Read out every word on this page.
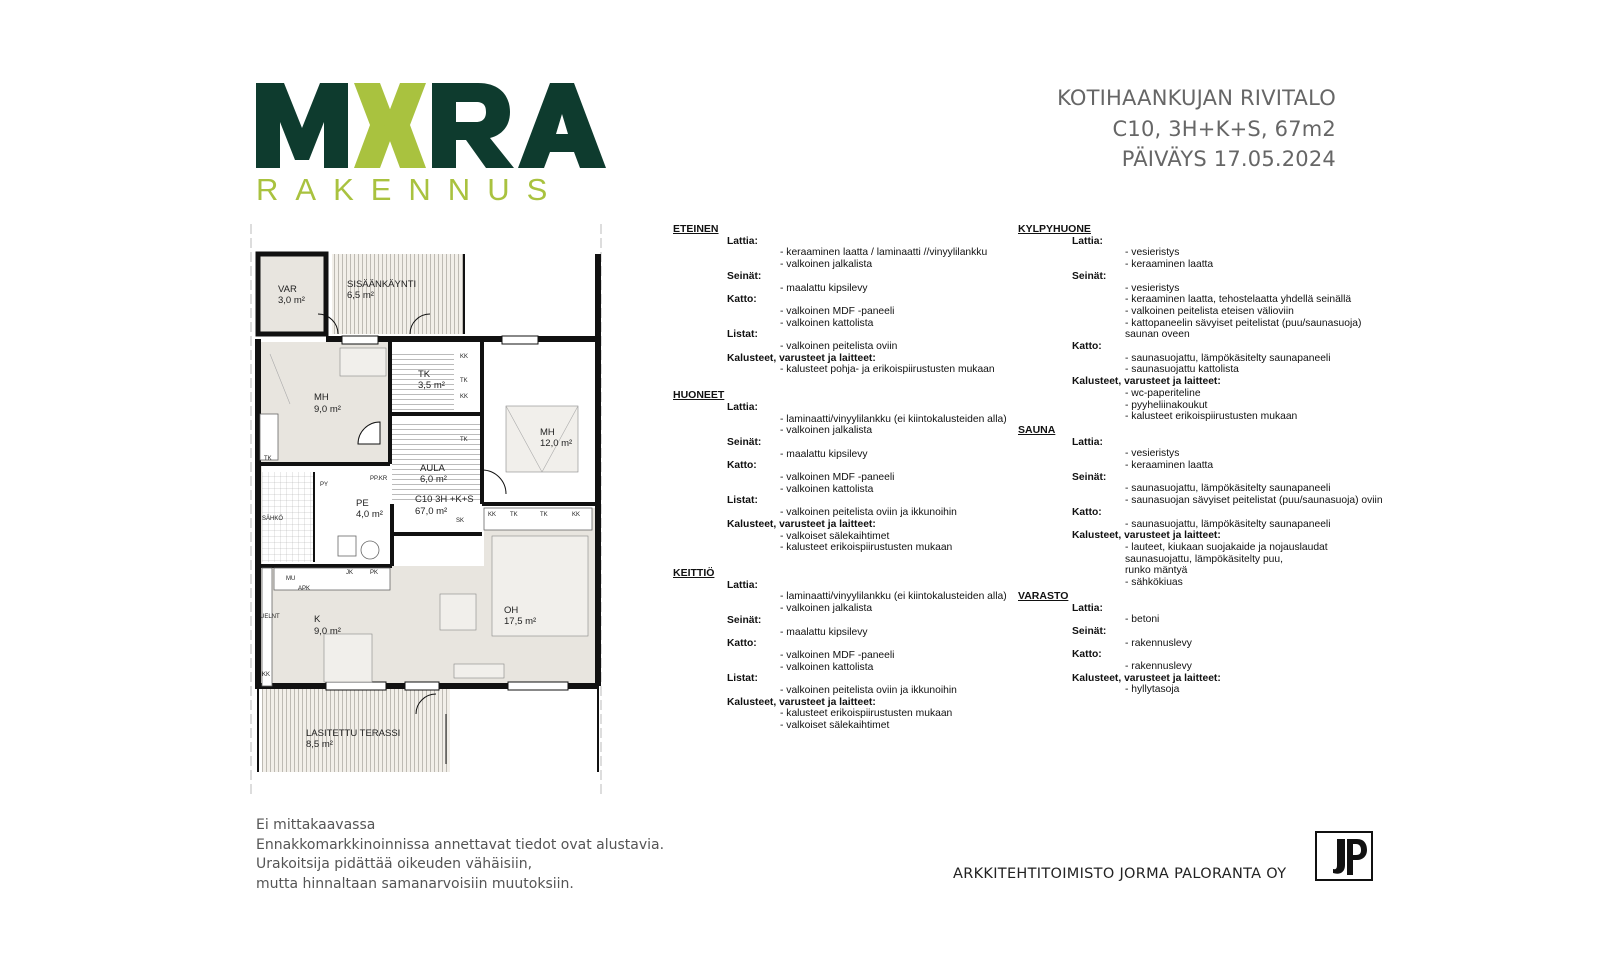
RAKENNUS
KOTIHAANKUJAN RIVITALO
C10, 3H+K+S, 67m2
PÄIVÄYS 17.05.2024
VAR
3,0 m²
SISÄÄNKÄYNTI
6,5 m²
MH
9,0 m²
TK
3,5 m²
MH
12,0 m²
AULA
6,0 m²
C10 3H +K+S
67,0 m²
PE
4,0 m²
K
9,0 m²
OH
17,5 m²
LASITETTU TERASSI
8,5 m²
KK
KK
TK
TK
SK
KK TK	TK	KK
TK
MU
APK
JK	PK
UELNT
KK
PY
PP.KR
SÄHKÖ
ETEINEN
Lattia:
- keraaminen laatta / laminaatti //vinyylilankku
- valkoinen jalkalista
Seinät:
- maalattu kipsilevy
Katto:
- valkoinen MDF -paneeli
- valkoinen kattolista
Listat:
- valkoinen peitelista oviin
Kalusteet, varusteet ja laitteet:
- kalusteet pohja- ja erikoispiirustusten mukaan
HUONEET
Lattia:
- laminaatti/vinyylilankku (ei kiintokalusteiden alla)
- valkoinen jalkalista
Seinät:
- maalattu kipsilevy
Katto:
- valkoinen MDF -paneeli
- valkoinen kattolista
Listat:
- valkoinen peitelista oviin ja ikkunoihin
Kalusteet, varusteet ja laitteet:
- valkoiset sälekaihtimet
- kalusteet erikoispiirustusten mukaan
KEITTIÖ
Lattia:
- laminaatti/vinyylilankku (ei kiintokalusteiden alla)
- valkoinen jalkalista
Seinät:
- maalattu kipsilevy
Katto:
- valkoinen MDF -paneeli
- valkoinen kattolista
Listat:
- valkoinen peitelista oviin ja ikkunoihin
Kalusteet, varusteet ja laitteet:
- kalusteet erikoispiirustusten mukaan
- valkoiset sälekaihtimet
KYLPYHUONE
Lattia:
- vesieristys
- keraaminen laatta
Seinät:
- vesieristys
- keraaminen laatta, tehostelaatta yhdellä seinällä
- valkoinen peitelista eteisen välioviin
- kattopaneelin sävyiset peitelistat (puu/saunasuoja)
saunan oveen
Katto:
- saunasuojattu, lämpökäsitelty saunapaneeli
- saunasuojattu kattolista
Kalusteet, varusteet ja laitteet:
- wc-paperiteline
- pyyheliinakoukut
- kalusteet erikoispiirustusten mukaan
SAUNA
Lattia:
- vesieristys
- keraaminen laatta
Seinät:
- saunasuojattu, lämpökäsitelty saunapaneeli
- saunasuojan sävyiset peitelistat (puu/saunasuoja) oviin
Katto:
- saunasuojattu, lämpökäsitelty saunapaneeli
Kalusteet, varusteet ja laitteet:
- lauteet, kiukaan suojakaide ja nojauslaudat
saunasuojattu, lämpökäsitelty puu,
runko mäntyä
- sähkökiuas
VARASTO
Lattia:
- betoni
Seinät:
- rakennuslevy
Katto:
- rakennuslevy
Kalusteet, varusteet ja laitteet:
- hyllytasoja
Ei mittakaavassa
Ennakkomarkkinoinnissa annettavat tiedot ovat alustavia.
Urakoitsija pidättää oikeuden vähäisiin,
mutta hinnaltaan samanarvoisiin muutoksiin.
ARKKITEHTITOIMISTO JORMA PALORANTA OY
